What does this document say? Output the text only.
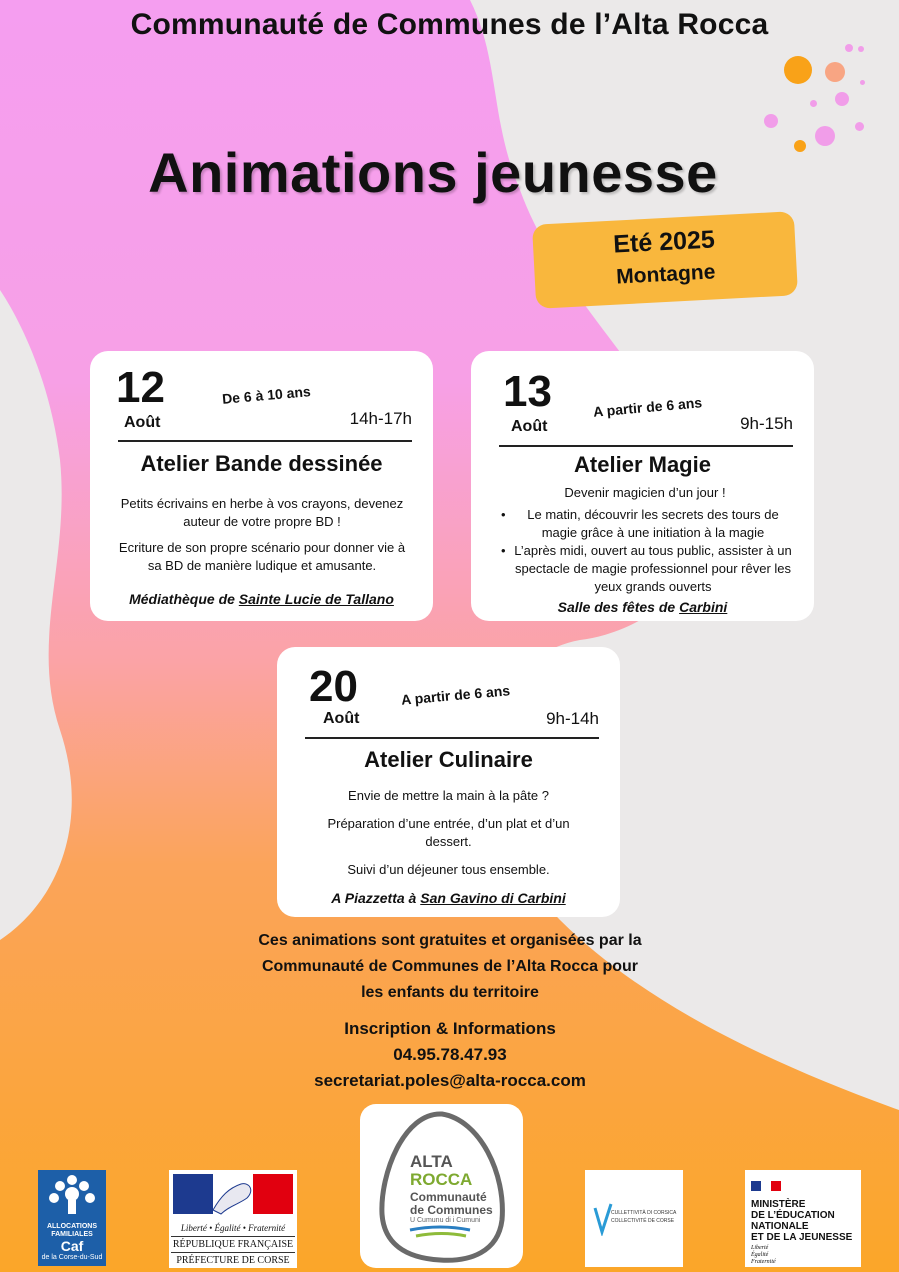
Communauté de Communes de l’Alta Rocca
Animations jeunesse
Eté 2025
Montagne
12
Août
De 6 à 10 ans
14h-17h
Atelier Bande dessinée

Petits écrivains en herbe à vos crayons, devenez auteur de votre propre BD !

Ecriture de son propre scénario pour donner vie à sa BD de manière ludique et amusante.

Médiathèque de Sainte Lucie de Tallano
13
Août
A partir de 6 ans
9h-15h
Atelier Magie

Devenir magicien d’un jour !

• Le matin, découvrir les secrets des tours de magie grâce à une initiation à la magie
• L’après midi, ouvert au tous public, assister à un spectacle de magie professionnel pour rêver les yeux grands ouverts
Salle des fêtes de Carbini
20
Août
A partir de 6 ans
9h-14h
Atelier Culinaire

Envie de mettre la main à la pâte ?

Préparation d’une entrée, d’un plat et d’un dessert.

Suivi d’un déjeuner tous ensemble.

A Piazzetta à San Gavino di Carbini
Ces animations sont gratuites et organisées par la
Communauté de Communes de l’Alta Rocca pour
les enfants du territoire
Inscription & Informations
04.95.78.47.93
secretariat.poles@alta-rocca.com
ALLOCATIONS
FAMILIALES
Caf
de la Corse-du-Sud
Liberté • Égalité • Fraternité
RÉPUBLIQUE FRANÇAISE
PRÉFECTURE DE CORSE
ALTA
ROCCA
Communauté
de Communes
U Cumunu di i Cumuni
CULLETTIVITÀ DI CORSICA
COLLECTIVITÉ DE CORSE
MINISTÈRE
DE L’ÉDUCATION
NATIONALE
ET DE LA JEUNESSE
Liberté
Égalité
Fraternité
